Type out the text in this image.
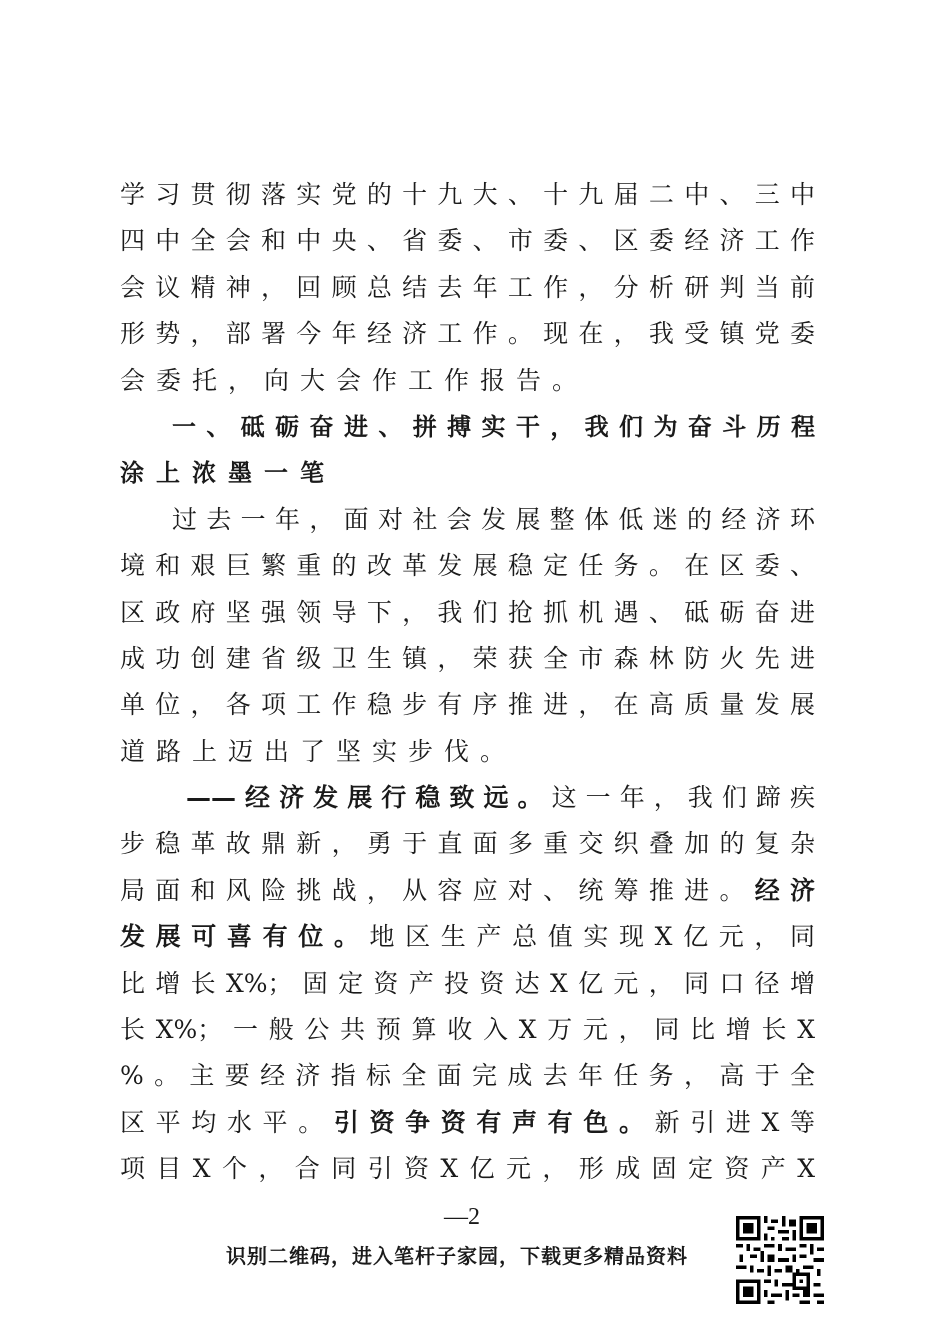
学习贯彻落实党的十九大、十九届二中、三中
四中全会和中央、省委、市委、区委经济工作
会议精神，回顾总结去年工作，分析研判当前
形势，部署今年经济工作。现在，我受镇党委
会委托，向大会作工作报告。
一、砥砺奋进、拼搏实干，我们为奋斗历程
涂上浓墨一笔
过去一年，面对社会发展整体低迷的经济环
境和艰巨繁重的改革发展稳定任务。在区委、
区政府坚强领导下，我们抢抓机遇、砥砺奋进
成功创建省级卫生镇，荣获全市森林防火先进
单位，各项工作稳步有序推进，在高质量发展
道路上迈出了坚实步伐。
——经济发展行稳致远。这一年，我们蹄疾
步稳革故鼎新，勇于直面多重交织叠加的复杂
局面和风险挑战，从容应对、统筹推进。经济
发展可喜有位。地区生产总值实现X亿元，同
比增长X%；固定资产投资达X亿元，同口径增
长X%；一般公共预算收入X万元，同比增长X
%。主要经济指标全面完成去年任务，高于全
区平均水平。引资争资有声有色。新引进X等
项目X个，合同引资X亿元，形成固定资产X
—2
识别二维码，进入笔杆子家园，下载更多精品资料
